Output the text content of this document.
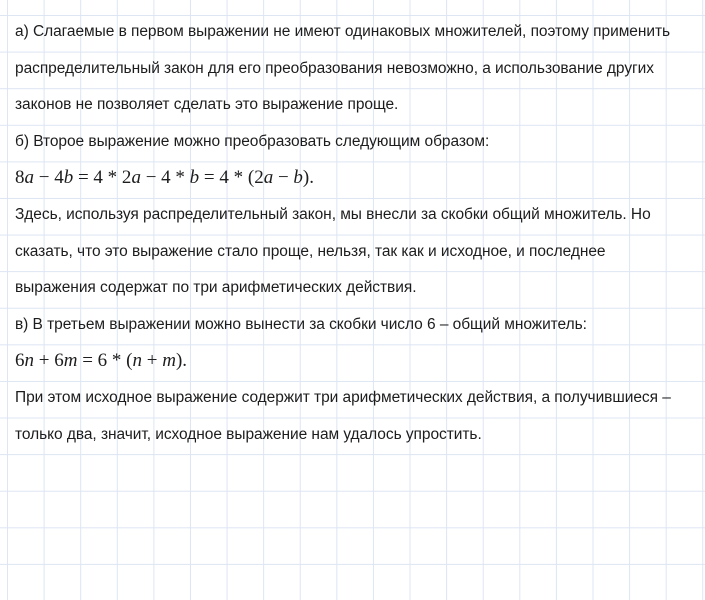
а) Слагаемые в первом выражении не имеют одинаковых множителей, поэтому применить распределительный закон для его преобразования невозможно, а использование других законов не позволяет сделать это выражение проще.

б) Второе выражение можно преобразовать следующим образом:

8a − 4b = 4 * 2a − 4 * b = 4 * (2a − b).

Здесь, используя распределительный закон, мы внесли за скобки общий множитель. Но сказать, что это выражение стало проще, нельзя, так как и исходное, и последнее выражения содержат по три арифметических действия.

в) В третьем выражении можно вынести за скобки число 6 – общий множитель:

6n + 6m = 6 * (n + m).

При этом исходное выражение содержит три арифметических действия, а получившиеся – только два, значит, исходное выражение нам удалось упростить.
